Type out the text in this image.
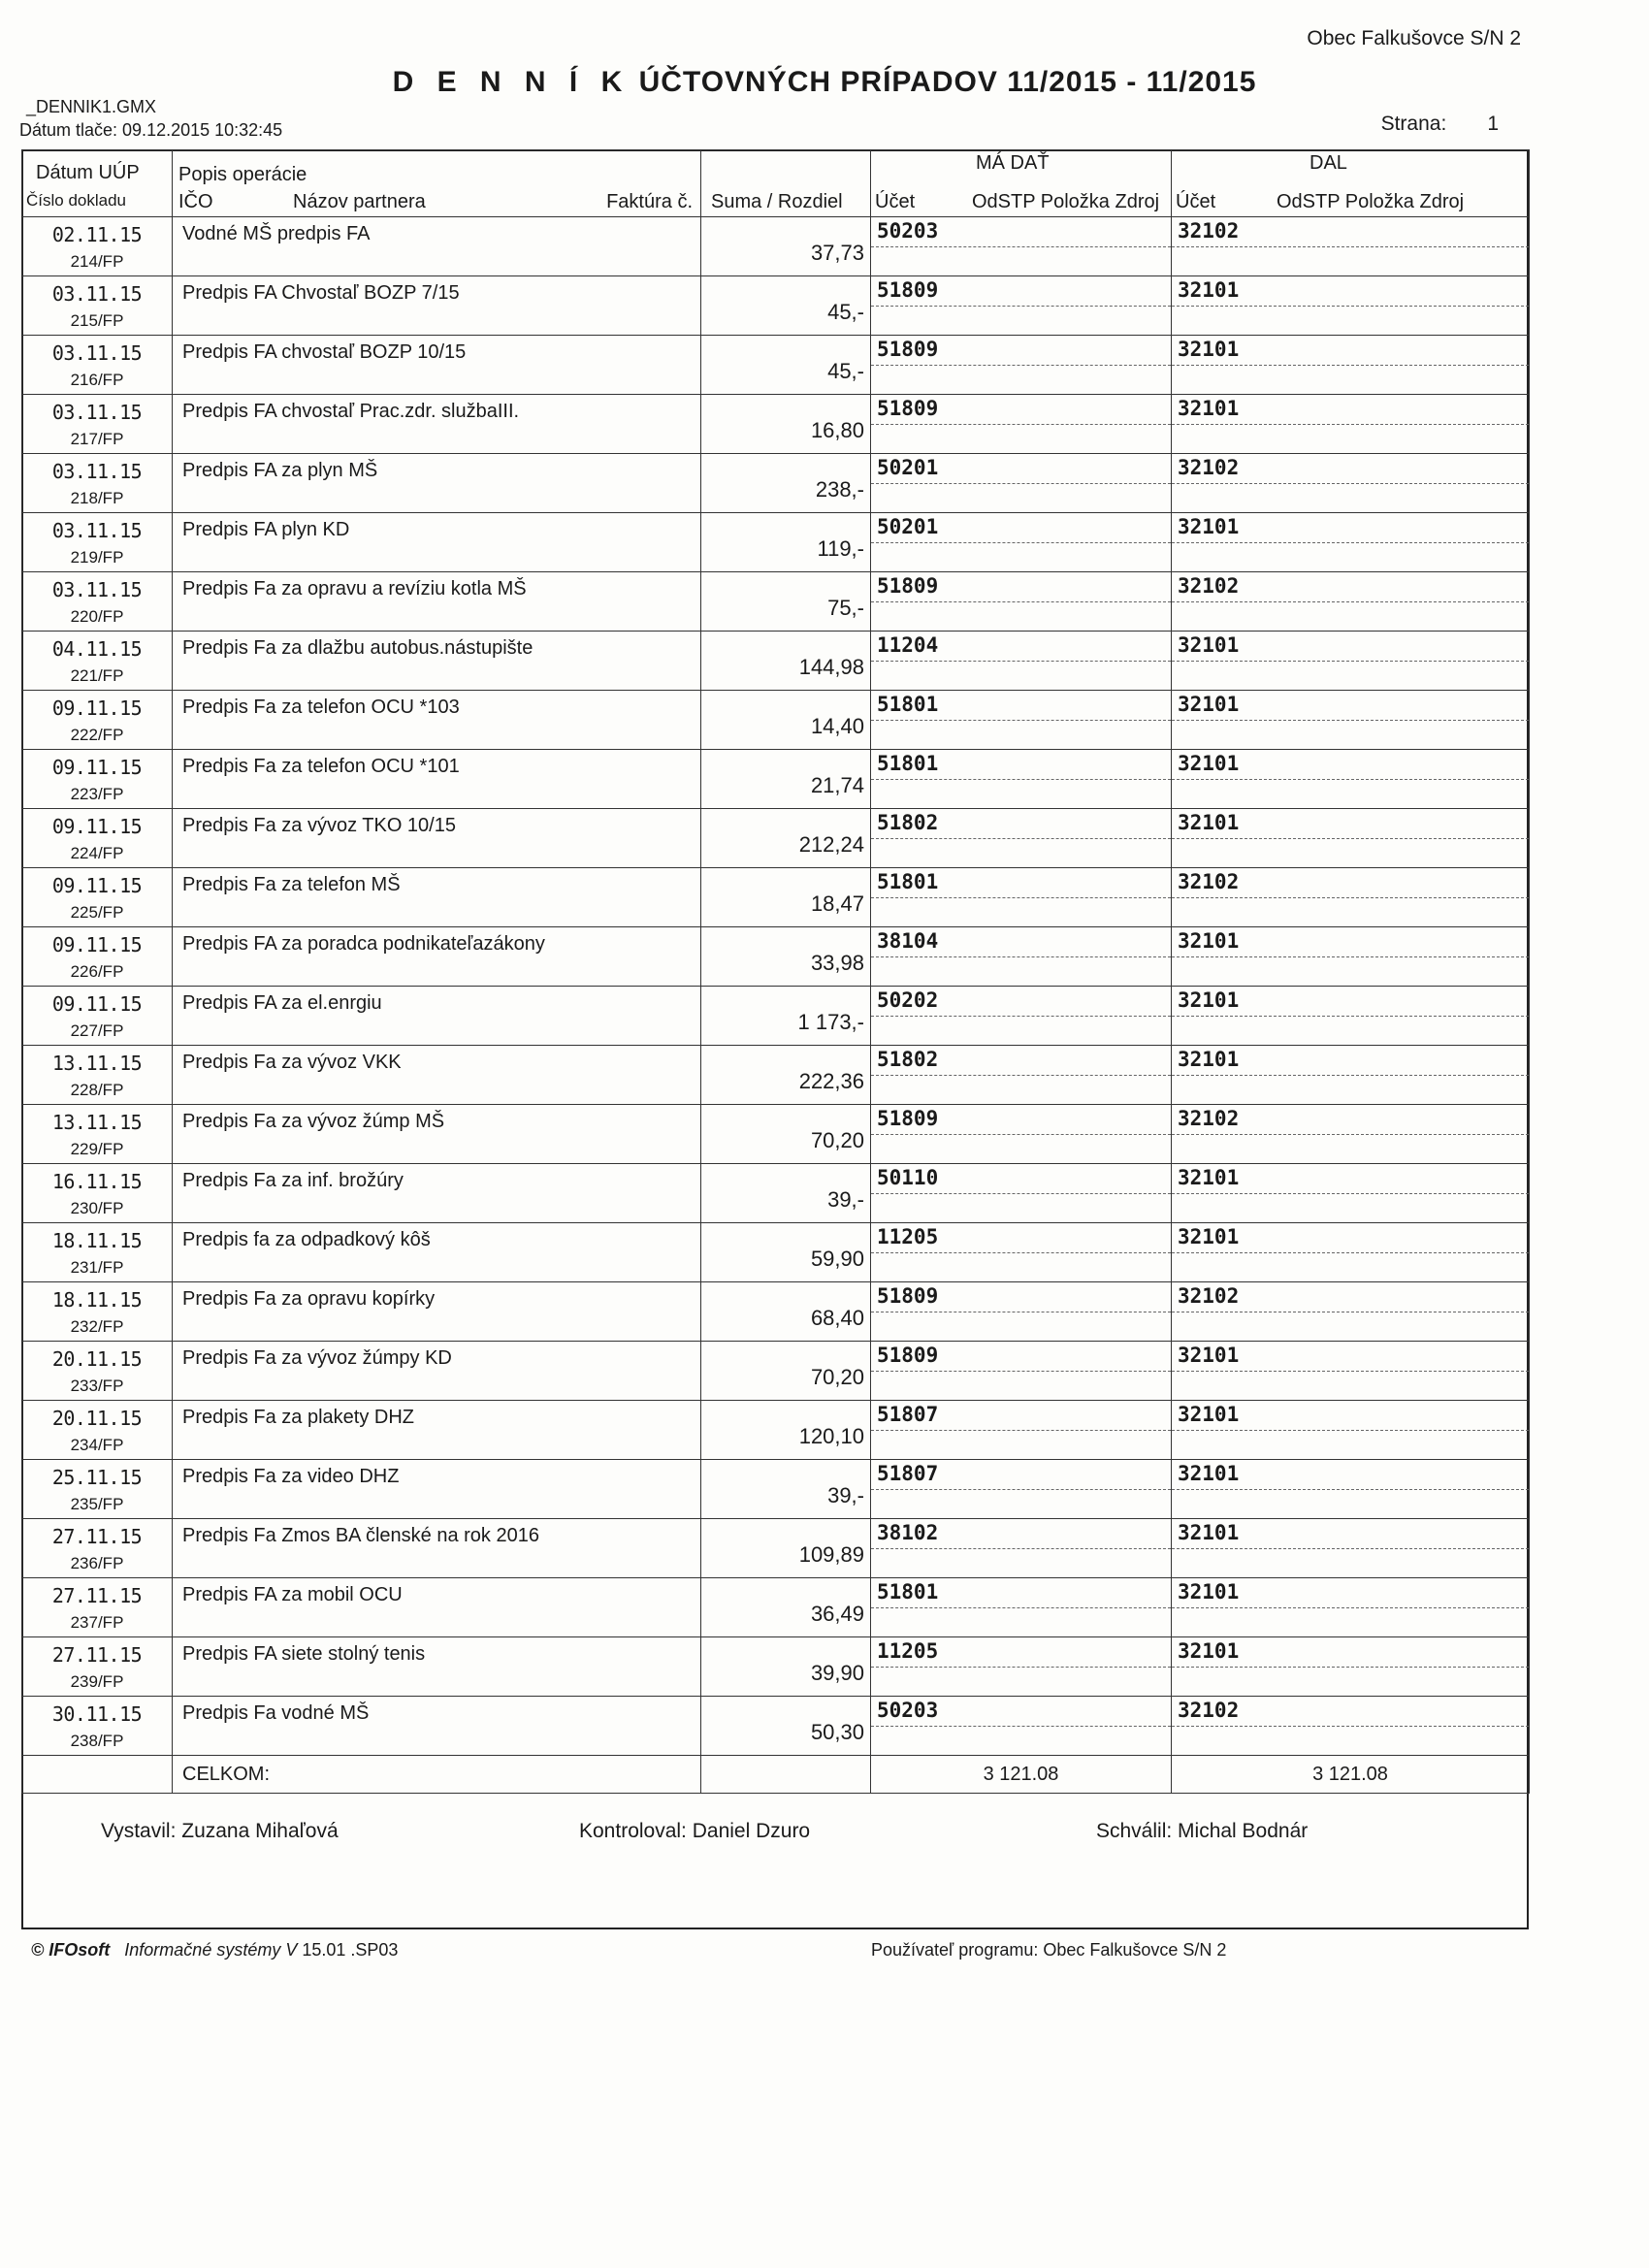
Obec Falkušovce S/N 2
D E N N Í K ÚČTOVNÝCH PRÍPADOV 11/2015 - 11/2015
_DENNIK1.GMX
Dátum tlače: 09.12.2015 10:32:45	Strana: 1
Dátum UÚP
Číslo dokladu	Popis operácie
IČO Názov partnera Faktúra č.	Suma / Rozdiel	MÁ DAŤ
Účet OdSTP Položka Zdroj	DAL
Účet OdSTP Položka Zdroj

02.11.15
214/FP	Vodné MŠ predpis FA	37,73	50203	32102

03.11.15
215/FP	Predpis FA Chvostaľ BOZP 7/15	45,-	51809	32101

03.11.15
216/FP	Predpis FA chvostaľ BOZP 10/15	45,-	51809	32101

03.11.15
217/FP	Predpis FA chvostaľ Prac.zdr. službaIII.	16,80	51809	32101

03.11.15
218/FP	Predpis FA za plyn MŠ	238,-	50201	32102

03.11.15
219/FP	Predpis FA plyn KD	119,-	50201	32101

03.11.15
220/FP	Predpis Fa za opravu a revíziu kotla MŠ	75,-	51809	32102

04.11.15
221/FP	Predpis Fa za dlažbu autobus.nástupište	144,98	11204	32101

09.11.15
222/FP	Predpis Fa za telefon OCU *103	14,40	51801	32101

09.11.15
223/FP	Predpis Fa za telefon OCU *101	21,74	51801	32101

09.11.15
224/FP	Predpis Fa za vývoz TKO 10/15	212,24	51802	32101

09.11.15
225/FP	Predpis Fa za telefon MŠ	18,47	51801	32102

09.11.15
226/FP	Predpis FA za poradca podnikateľazákony	33,98	38104	32101

09.11.15
227/FP	Predpis FA za el.enrgiu	1 173,-	50202	32101

13.11.15
228/FP	Predpis Fa za vývoz VKK	222,36	51802	32101

13.11.15
229/FP	Predpis Fa za vývoz žúmp MŠ	70,20	51809	32102

16.11.15
230/FP	Predpis Fa za inf. brožúry	39,-	50110	32101

18.11.15
231/FP	Predpis fa za odpadkový kôš	59,90	11205	32101

18.11.15
232/FP	Predpis Fa za opravu kopírky	68,40	51809	32102

20.11.15
233/FP	Predpis Fa za vývoz žúmpy KD	70,20	51809	32101

20.11.15
234/FP	Predpis Fa za plakety DHZ	120,10	51807	32101

25.11.15
235/FP	Predpis Fa za video DHZ	39,-	51807	32101

27.11.15
236/FP	Predpis Fa Zmos BA členské na rok 2016	109,89	38102	32101

27.11.15
237/FP	Predpis FA za mobil OCU	36,49	51801	32101

27.11.15
239/FP	Predpis FA siete stolný tenis	39,90	11205	32101

30.11.15
238/FP	Predpis Fa vodné MŠ	50,30	50203	32102

	CELKOM:		3 121.08	3 121.08
Vystavil: Zuzana Mihaľová	Kontroloval: Daniel Dzuro	Schválil: Michal Bodnár
© IFOsoft Informačné systémy V 15.01 .SP03	Používateľ programu: Obec Falkušovce S/N 2
